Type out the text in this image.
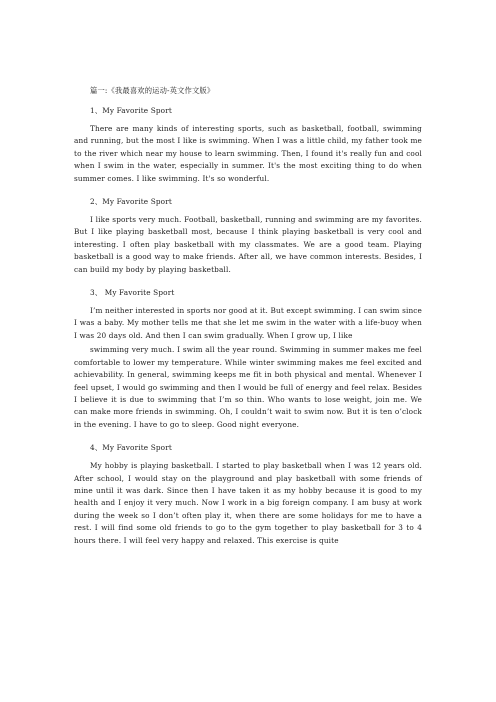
篇一:《我最喜欢的运动-英文作文版》

1、My Favorite Sport

There are many kinds of interesting sports, such as basketball, football, swimming and running, but the most I like is swimming. When I was a little child, my father took me to the river which near my house to learn swimming. Then, I found it's really fun and cool when I swim in the water, especially in summer. It's the most exciting thing to do when summer comes. I like swimming. It's so wonderful.

2、My Favorite Sport

I like sports very much. Football, basketball, running and swimming are my favorites. But I like playing basketball most, because I think playing basketball is very cool and interesting. I often play basketball with my classmates. We are a good team. Playing basketball is a good way to make friends. After all, we have common interests. Besides, I can build my body by playing basketball.

3、 My Favorite Sport

I’m neither interested in sports nor good at it. But except swimming. I can swim since I was a baby. My mother tells me that she let me swim in the water with a life-buoy when I was 20 days old. And then I can swim gradually. When I grow up, I like

swimming very much. I swim all the year round. Swimming in summer makes me feel comfortable to lower my temperature. While winter swimming makes me feel excited and achievability. In general, swimming keeps me fit in both physical and mental. Whenever I feel upset, I would go swimming and then I would be full of energy and feel relax. Besides I believe it is due to swimming that I’m so thin. Who wants to lose weight, join me. We can make more friends in swimming. Oh, I couldn’t wait to swim now. But it is ten o’clock in the evening. I have to go to sleep. Good night everyone.

4、My Favorite Sport

My hobby is playing basketball. I started to play basketball when I was 12 years old. After school, I would stay on the playground and play basketball with some friends of mine until it was dark. Since then I have taken it as my hobby because it is good to my health and I enjoy it very much. Now I work in a big foreign company. I am busy at work during the week so I don’t often play it, when there are some holidays for me to have a rest. I will find some old friends to go to the gym together to play basketball for 3 to 4 hours there. I will feel very happy and relaxed. This exercise is quite
